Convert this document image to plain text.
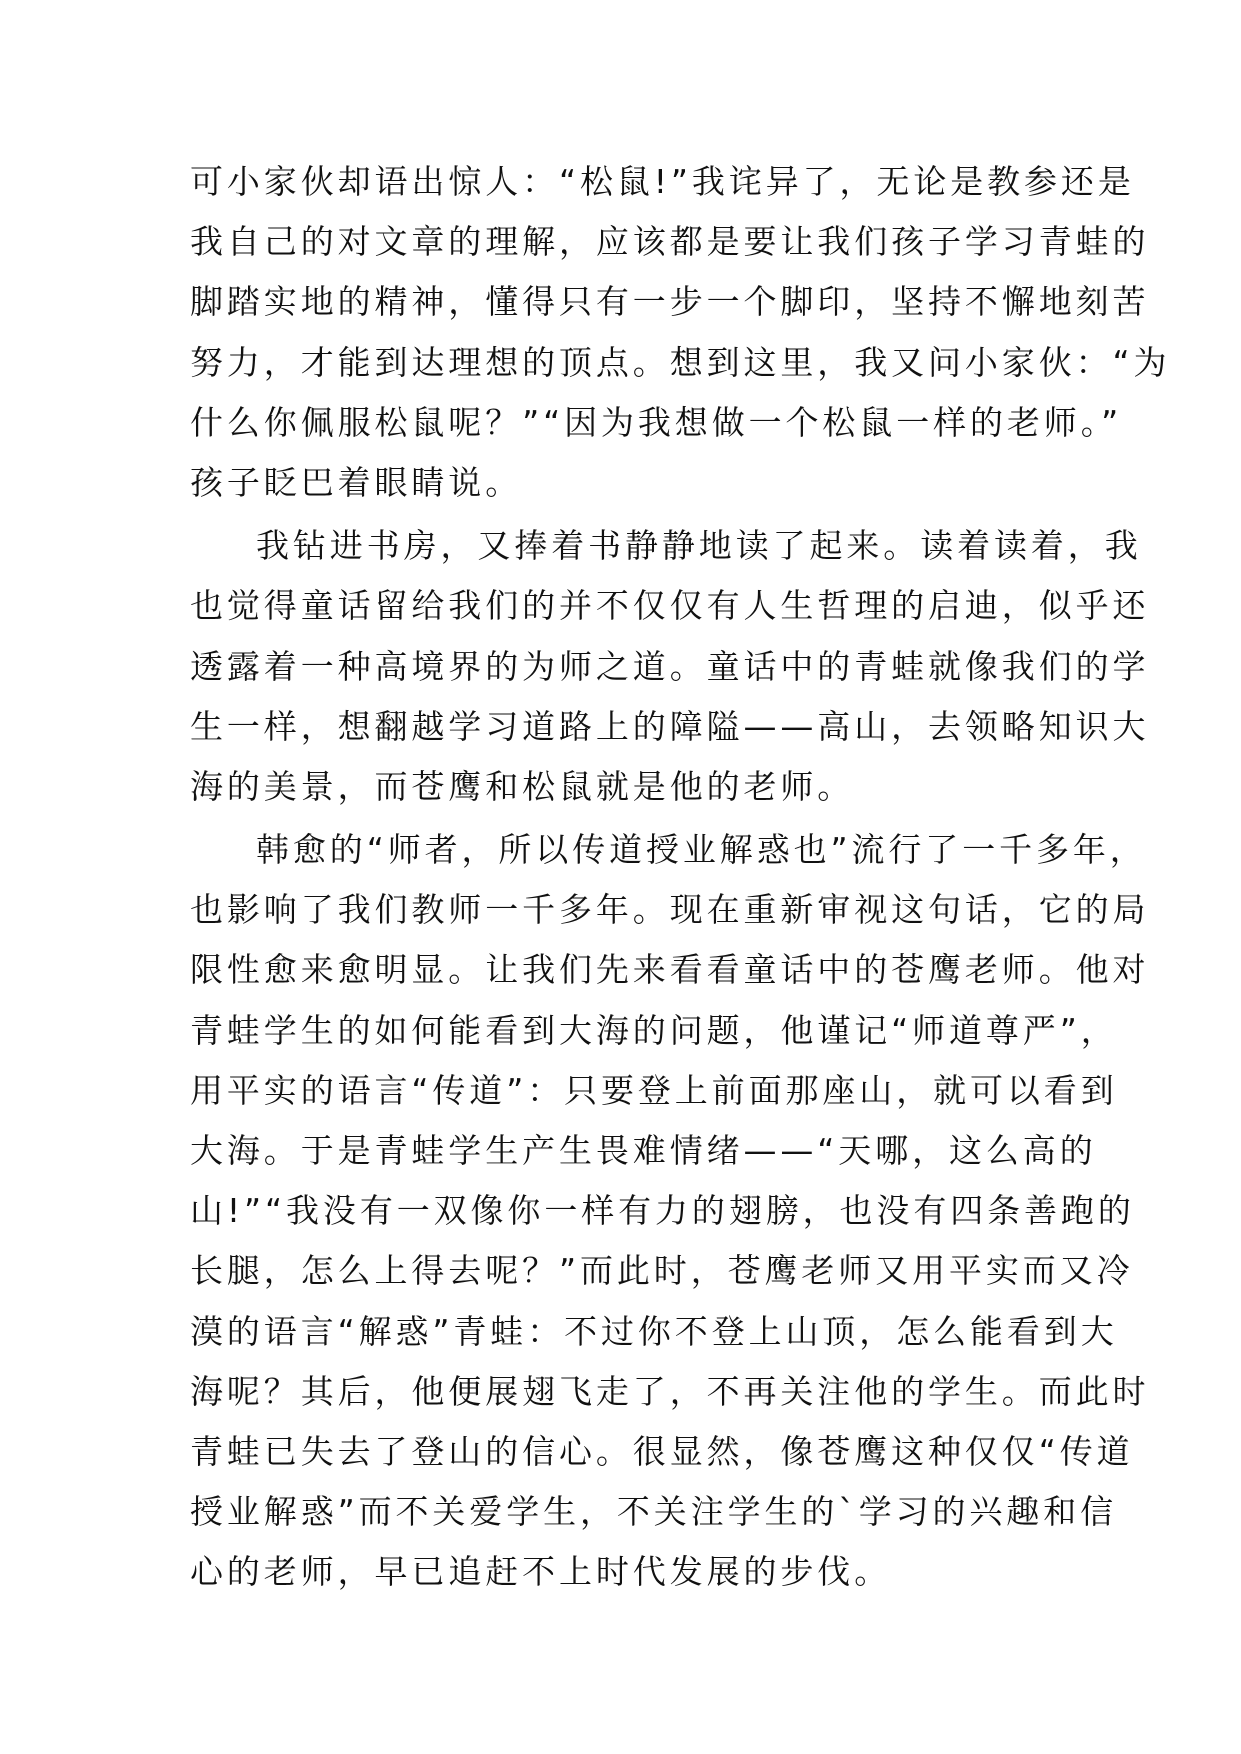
可小家伙却语出惊人：“松鼠!”我诧异了，无论是教参还是
我自己的对文章的理解，应该都是要让我们孩子学习青蛙的
脚踏实地的精神，懂得只有一步一个脚印，坚持不懈地刻苦
努力，才能到达理想的顶点。想到这里，我又问小家伙：“为
什么你佩服松鼠呢？”“因为我想做一个松鼠一样的老师。”
孩子眨巴着眼睛说。
我钻进书房，又捧着书静静地读了起来。读着读着，我
也觉得童话留给我们的并不仅仅有人生哲理的启迪，似乎还
透露着一种高境界的为师之道。童话中的青蛙就像我们的学
生一样，想翻越学习道路上的障隘——高山，去领略知识大
海的美景，而苍鹰和松鼠就是他的老师。
韩愈的“师者，所以传道授业解惑也”流行了一千多年，
也影响了我们教师一千多年。现在重新审视这句话，它的局
限性愈来愈明显。让我们先来看看童话中的苍鹰老师。他对
青蛙学生的如何能看到大海的问题，他谨记“师道尊严”，
用平实的语言“传道”：只要登上前面那座山，就可以看到
大海。于是青蛙学生产生畏难情绪——“天哪，这么高的
山!”“我没有一双像你一样有力的翅膀，也没有四条善跑的
长腿，怎么上得去呢？”而此时，苍鹰老师又用平实而又冷
漠的语言“解惑”青蛙：不过你不登上山顶，怎么能看到大
海呢？其后，他便展翅飞走了，不再关注他的学生。而此时
青蛙已失去了登山的信心。很显然，像苍鹰这种仅仅“传道
授业解惑”而不关爱学生，不关注学生的`学习的兴趣和信
心的老师，早已追赶不上时代发展的步伐。
